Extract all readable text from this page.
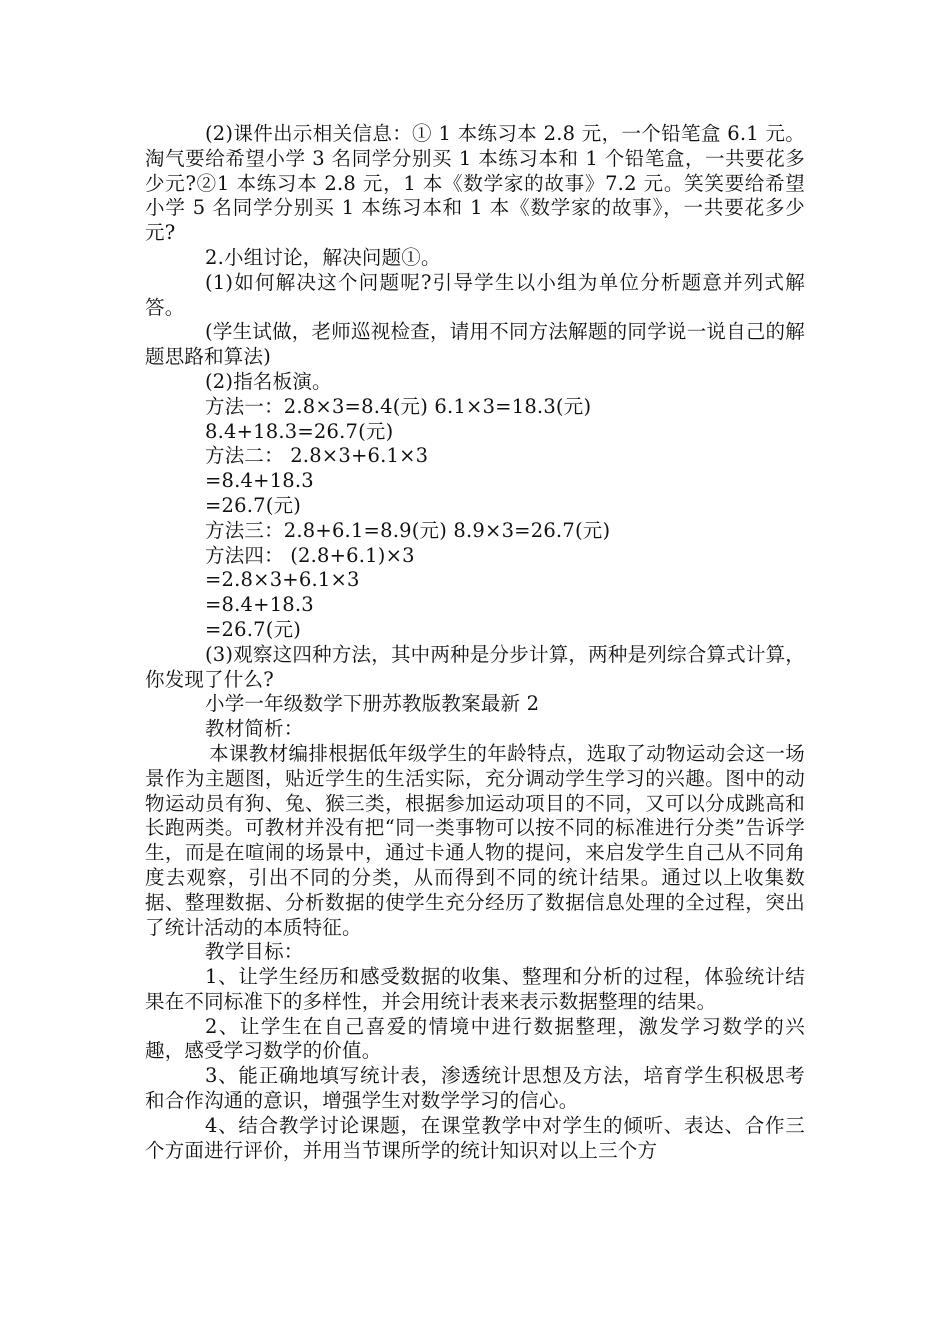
(2)课件出示相关信息：① 1 本练习本 2.8 元，一个铅笔盒 6.1 元。淘气要给希望小学 3 名同学分别买 1 本练习本和 1 个铅笔盒，一共要花多少元?②1 本练习本 2.8 元，1 本《数学家的故事》7.2 元。笑笑要给希望小学 5 名同学分别买 1 本练习本和 1 本《数学家的故事》，一共要花多少元?

2.小组讨论，解决问题①。

(1)如何解决这个问题呢?引导学生以小组为单位分析题意并列式解答。

(学生试做，老师巡视检查，请用不同方法解题的同学说一说自己的解题思路和算法)

(2)指名板演。

方法一：2.8×3=8.4(元) 6.1×3=18.3(元)

8.4+18.3=26.7(元)

方法二： 2.8×3+6.1×3

=8.4+18.3

=26.7(元)

方法三：2.8+6.1=8.9(元) 8.9×3=26.7(元)

方法四： (2.8+6.1)×3

=2.8×3+6.1×3

=8.4+18.3

=26.7(元)

(3)观察这四种方法，其中两种是分步计算，两种是列综合算式计算，你发现了什么?

小学一年级数学下册苏教版教案最新 2

教材简析：

本课教材编排根据低年级学生的年龄特点，选取了动物运动会这一场景作为主题图，贴近学生的生活实际，充分调动学生学习的兴趣。图中的动物运动员有狗、兔、猴三类，根据参加运动项目的不同，又可以分成跳高和长跑两类。可教材并没有把“同一类事物可以按不同的标准进行分类”告诉学生，而是在喧闹的场景中，通过卡通人物的提问，来启发学生自己从不同角度去观察，引出不同的分类，从而得到不同的统计结果。通过以上收集数据、整理数据、分析数据的使学生充分经历了数据信息处理的全过程，突出了统计活动的本质特征。

教学目标：

1、让学生经历和感受数据的收集、整理和分析的过程，体验统计结果在不同标准下的多样性，并会用统计表来表示数据整理的结果。

2、让学生在自己喜爱的情境中进行数据整理，激发学习数学的兴趣，感受学习数学的价值。

3、能正确地填写统计表，渗透统计思想及方法，培育学生积极思考和合作沟通的意识，增强学生对数学学习的信心。

4、结合教学讨论课题，在课堂教学中对学生的倾听、表达、合作三个方面进行评价，并用当节课所学的统计知识对以上三个方
